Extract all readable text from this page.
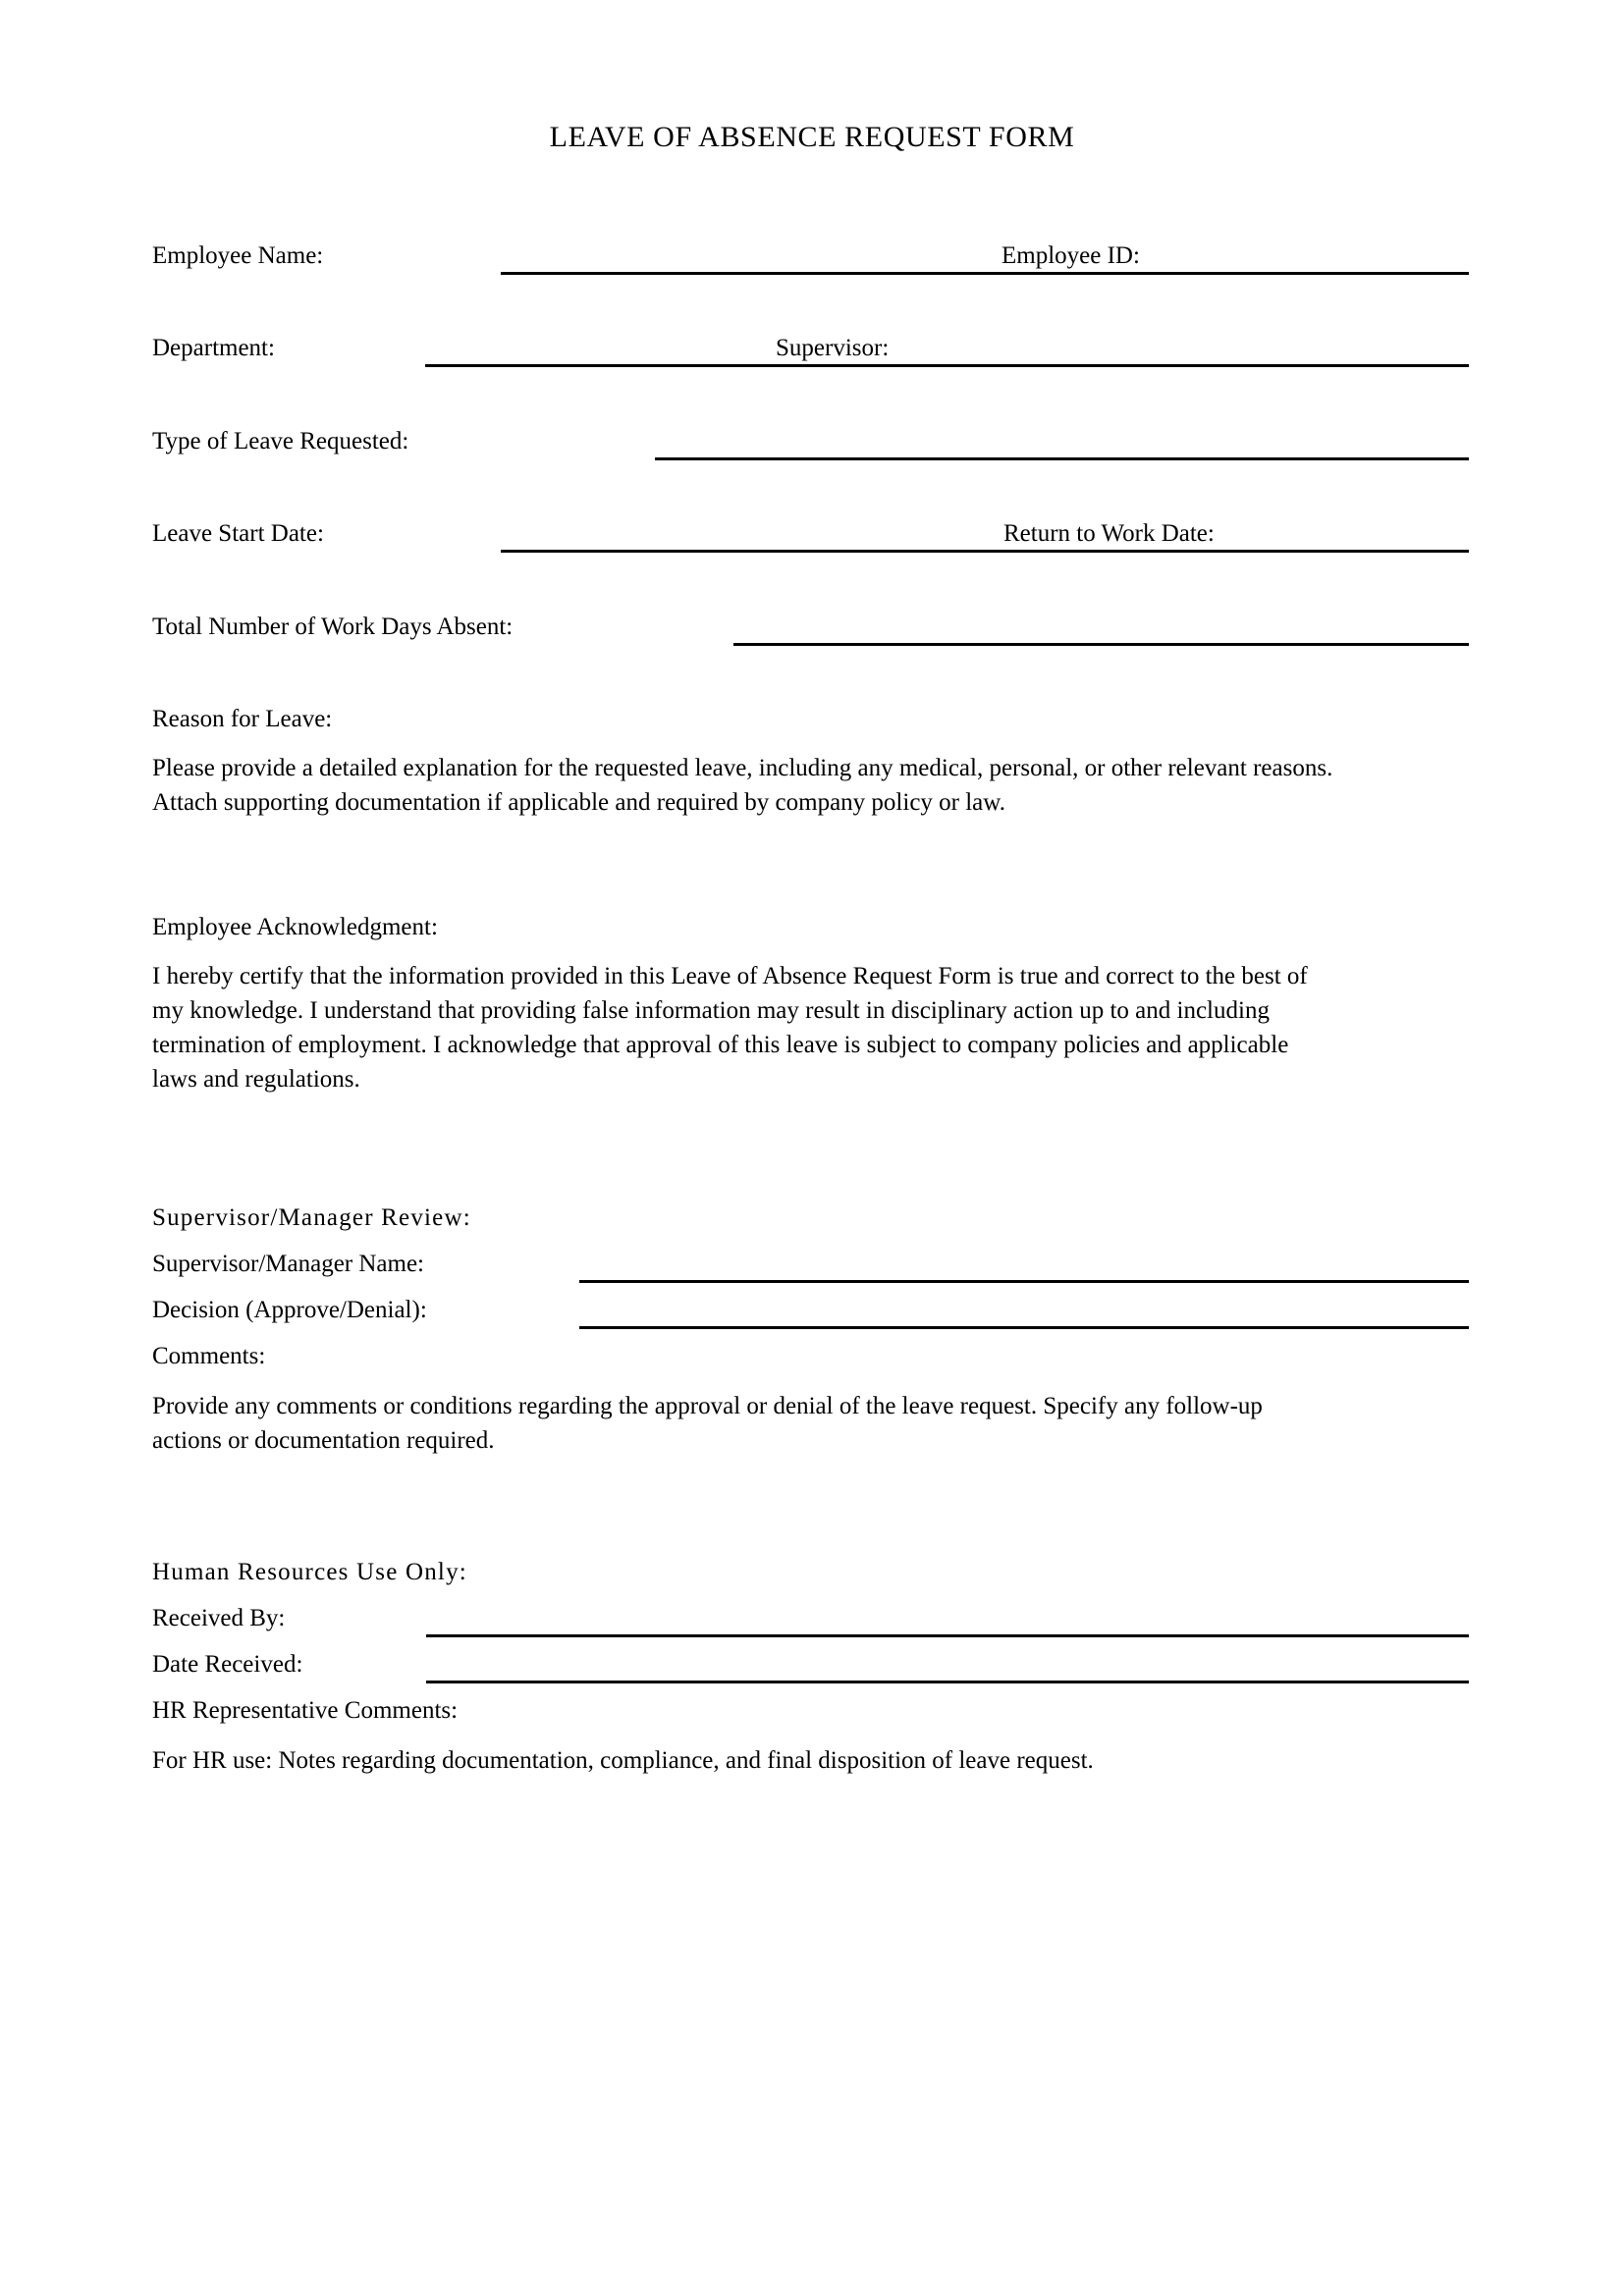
LEAVE OF ABSENCE REQUEST FORM
Employee Name:	Employee ID:
Department:	Supervisor:
Type of Leave Requested:
Leave Start Date:	Return to Work Date:
Total Number of Work Days Absent:
Reason for Leave:
Please provide a detailed explanation for the requested leave, including any medical, personal, or other relevant reasons.
Attach supporting documentation if applicable and required by company policy or law.
Employee Acknowledgment:
I hereby certify that the information provided in this Leave of Absence Request Form is true and correct to the best of
my knowledge. I understand that providing false information may result in disciplinary action up to and including
termination of employment. I acknowledge that approval of this leave is subject to company policies and applicable
laws and regulations.
Supervisor/Manager Review:
Supervisor/Manager Name:
Decision (Approve/Denial):
Comments:
Provide any comments or conditions regarding the approval or denial of the leave request. Specify any follow-up
actions or documentation required.
Human Resources Use Only:
Received By:
Date Received:
HR Representative Comments:
For HR use: Notes regarding documentation, compliance, and final disposition of leave request.
